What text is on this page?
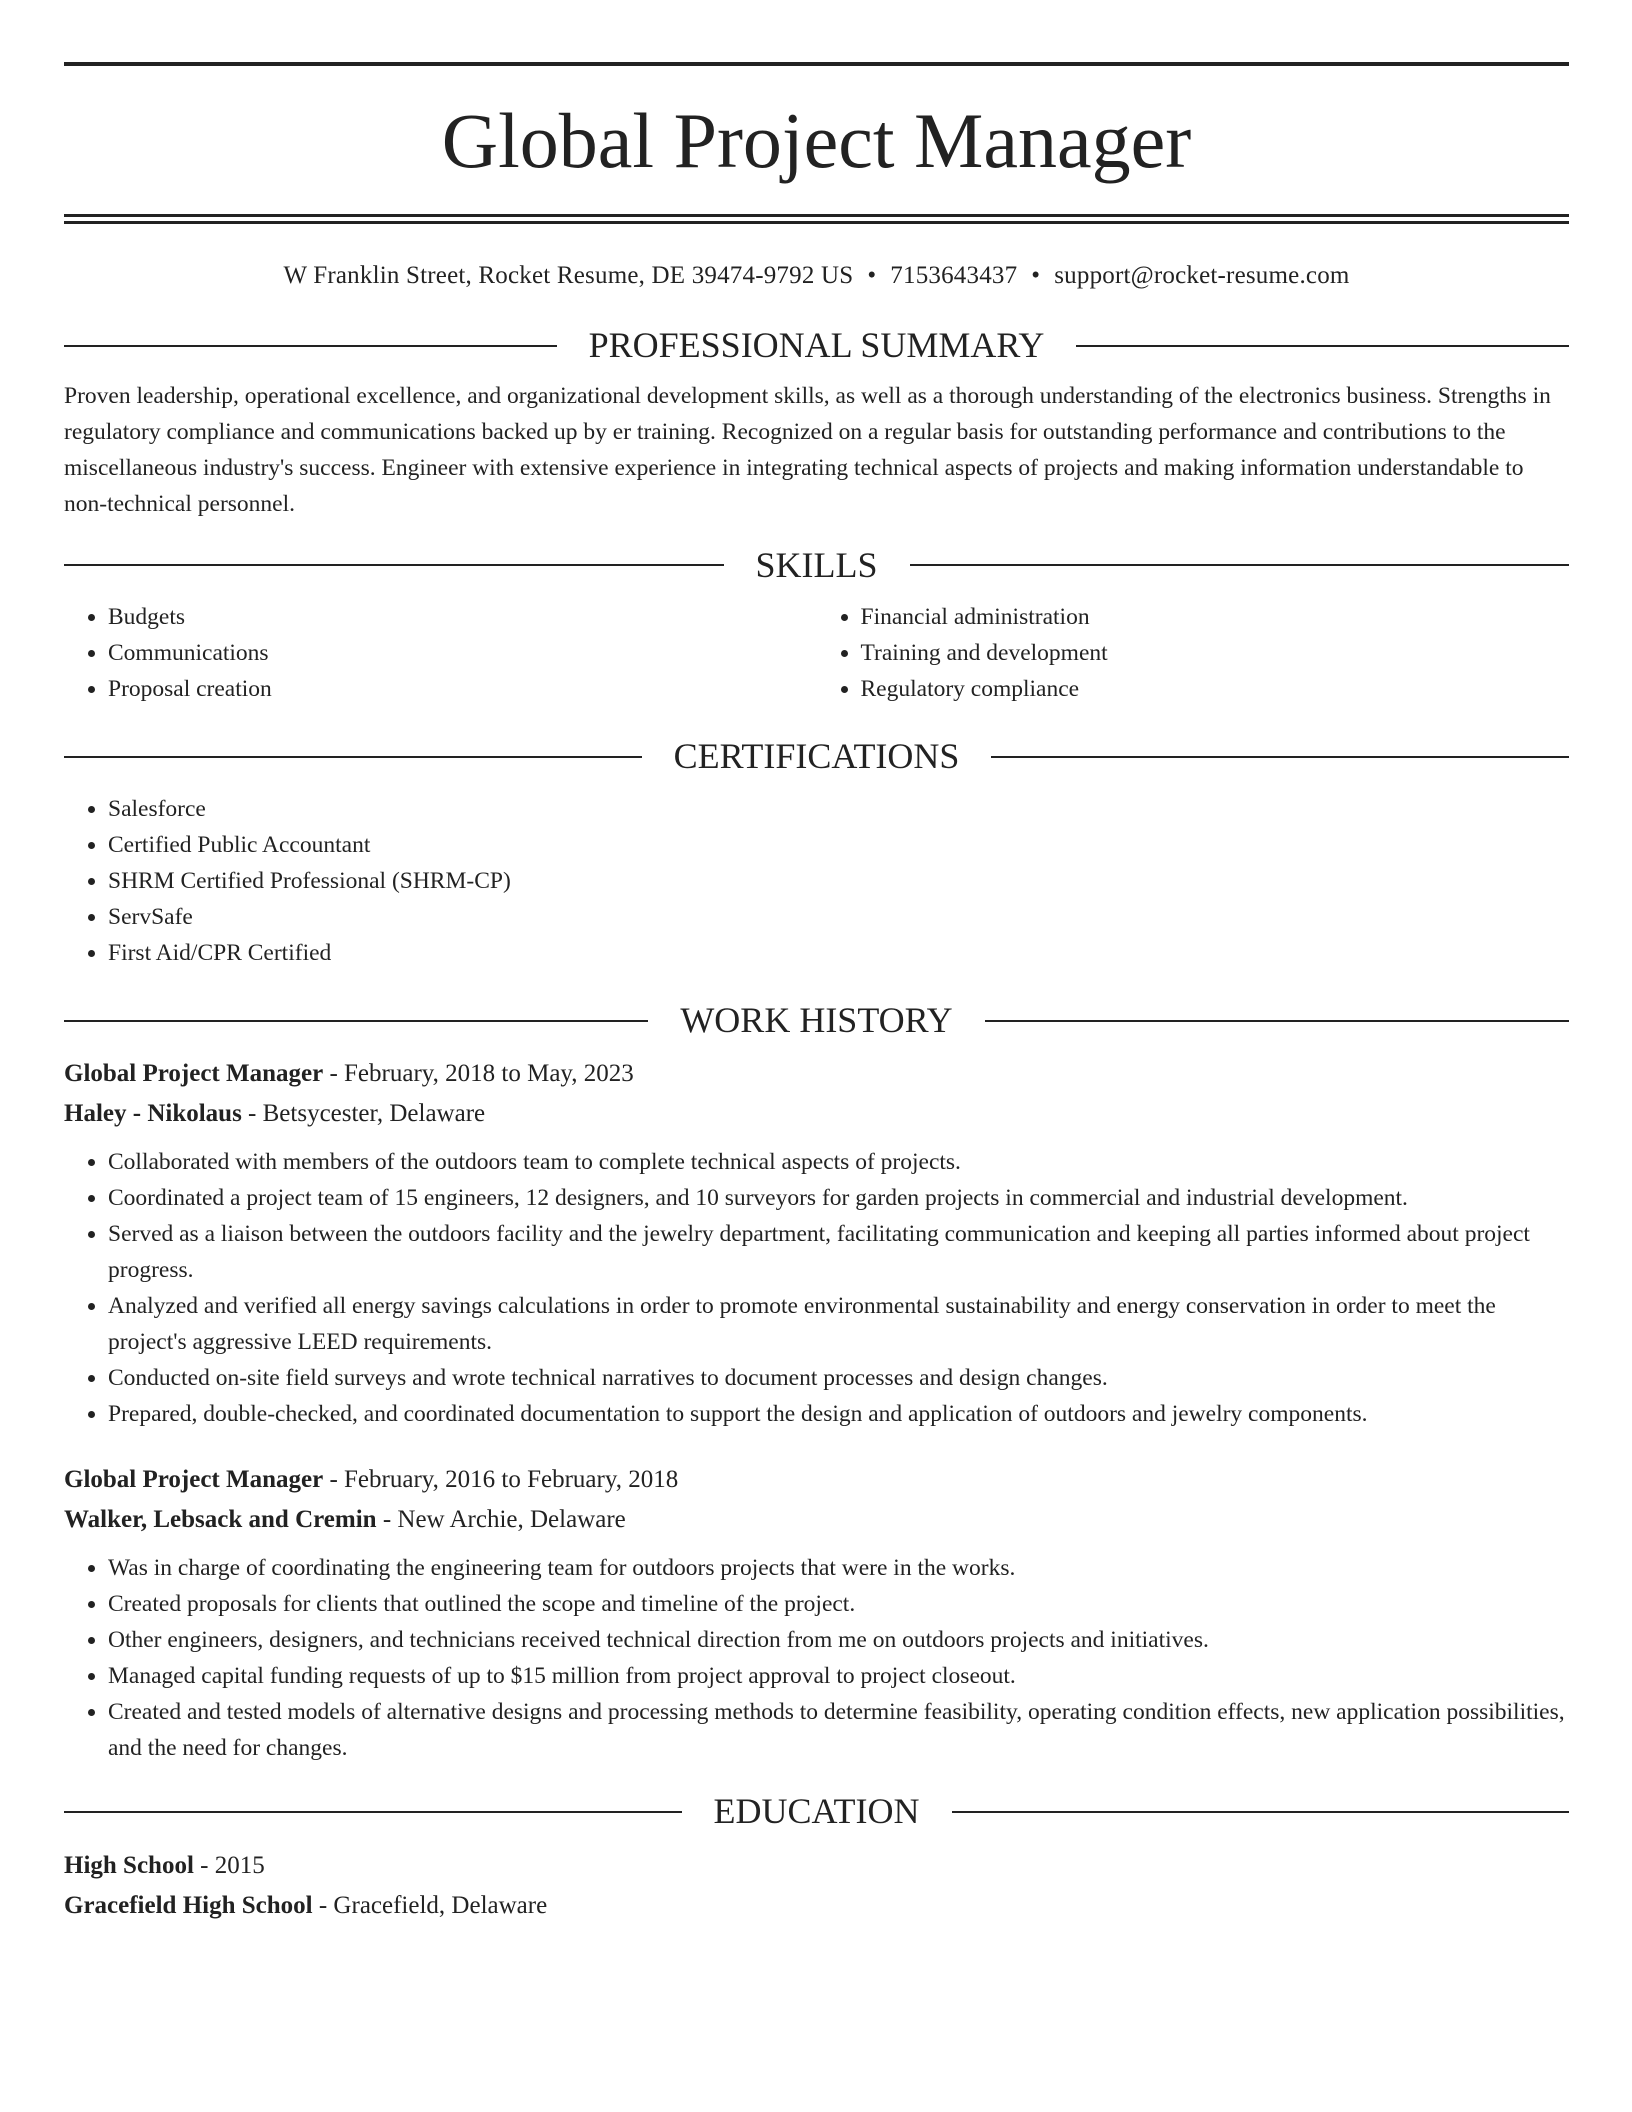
Global Project Manager
W Franklin Street, Rocket Resume, DE 39474-9792 US • 7153643437 • support@rocket-resume.com
PROFESSIONAL SUMMARY

Proven leadership, operational excellence, and organizational development skills, as well as a thorough understanding of the electronics business. Strengths in regulatory compliance and communications backed up by er training. Recognized on a regular basis for outstanding performance and contributions to the miscellaneous industry's success. Engineer with extensive experience in integrating technical aspects of projects and making information understandable to non-technical personnel.

SKILLS
• Budgets
• Communications
• Proposal creation
• Financial administration
• Training and development
• Regulatory compliance
CERTIFICATIONS
• Salesforce
• Certified Public Accountant
• SHRM Certified Professional (SHRM-CP)
• ServSafe
• First Aid/CPR Certified
WORK HISTORY
Global Project Manager - February, 2018 to May, 2023
Haley - Nikolaus - Betsycester, Delaware
• Collaborated with members of the outdoors team to complete technical aspects of projects.
• Coordinated a project team of 15 engineers, 12 designers, and 10 surveyors for garden projects in commercial and industrial development.
• Served as a liaison between the outdoors facility and the jewelry department, facilitating communication and keeping all parties informed about project progress.
• Analyzed and verified all energy savings calculations in order to promote environmental sustainability and energy conservation in order to meet the project's aggressive LEED requirements.
• Conducted on-site field surveys and wrote technical narratives to document processes and design changes.
• Prepared, double-checked, and coordinated documentation to support the design and application of outdoors and jewelry components.
Global Project Manager - February, 2016 to February, 2018
Walker, Lebsack and Cremin - New Archie, Delaware
• Was in charge of coordinating the engineering team for outdoors projects that were in the works.
• Created proposals for clients that outlined the scope and timeline of the project.
• Other engineers, designers, and technicians received technical direction from me on outdoors projects and initiatives.
• Managed capital funding requests of up to $15 million from project approval to project closeout.
• Created and tested models of alternative designs and processing methods to determine feasibility, operating condition effects, new application possibilities, and the need for changes.
EDUCATION
High School - 2015
Gracefield High School - Gracefield, Delaware
